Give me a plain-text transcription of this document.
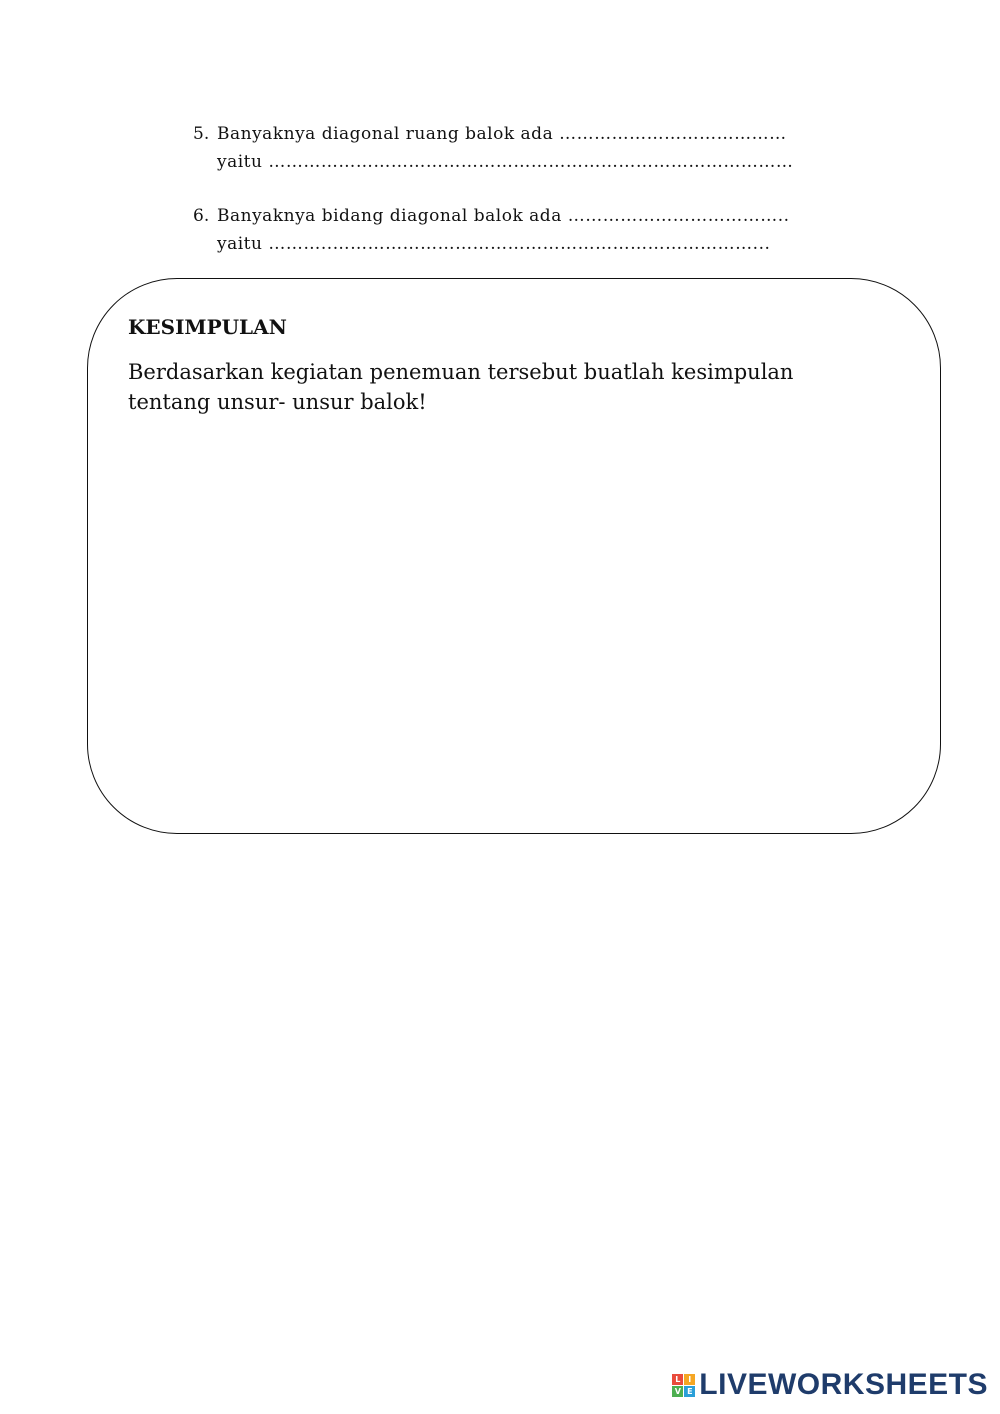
5. Banyaknya diagonal ruang balok ada …………………………………
yaitu ………………………………………………………………………………
6. Banyaknya bidang diagonal balok ada ………………………………..
yaitu ………..………………………………………………………………...
KESIMPULAN
Berdasarkan kegiatan penemuan tersebut buatlah kesimpulan tentang unsur- unsur balok!
L I
V E LIVEWORKSHEETS
